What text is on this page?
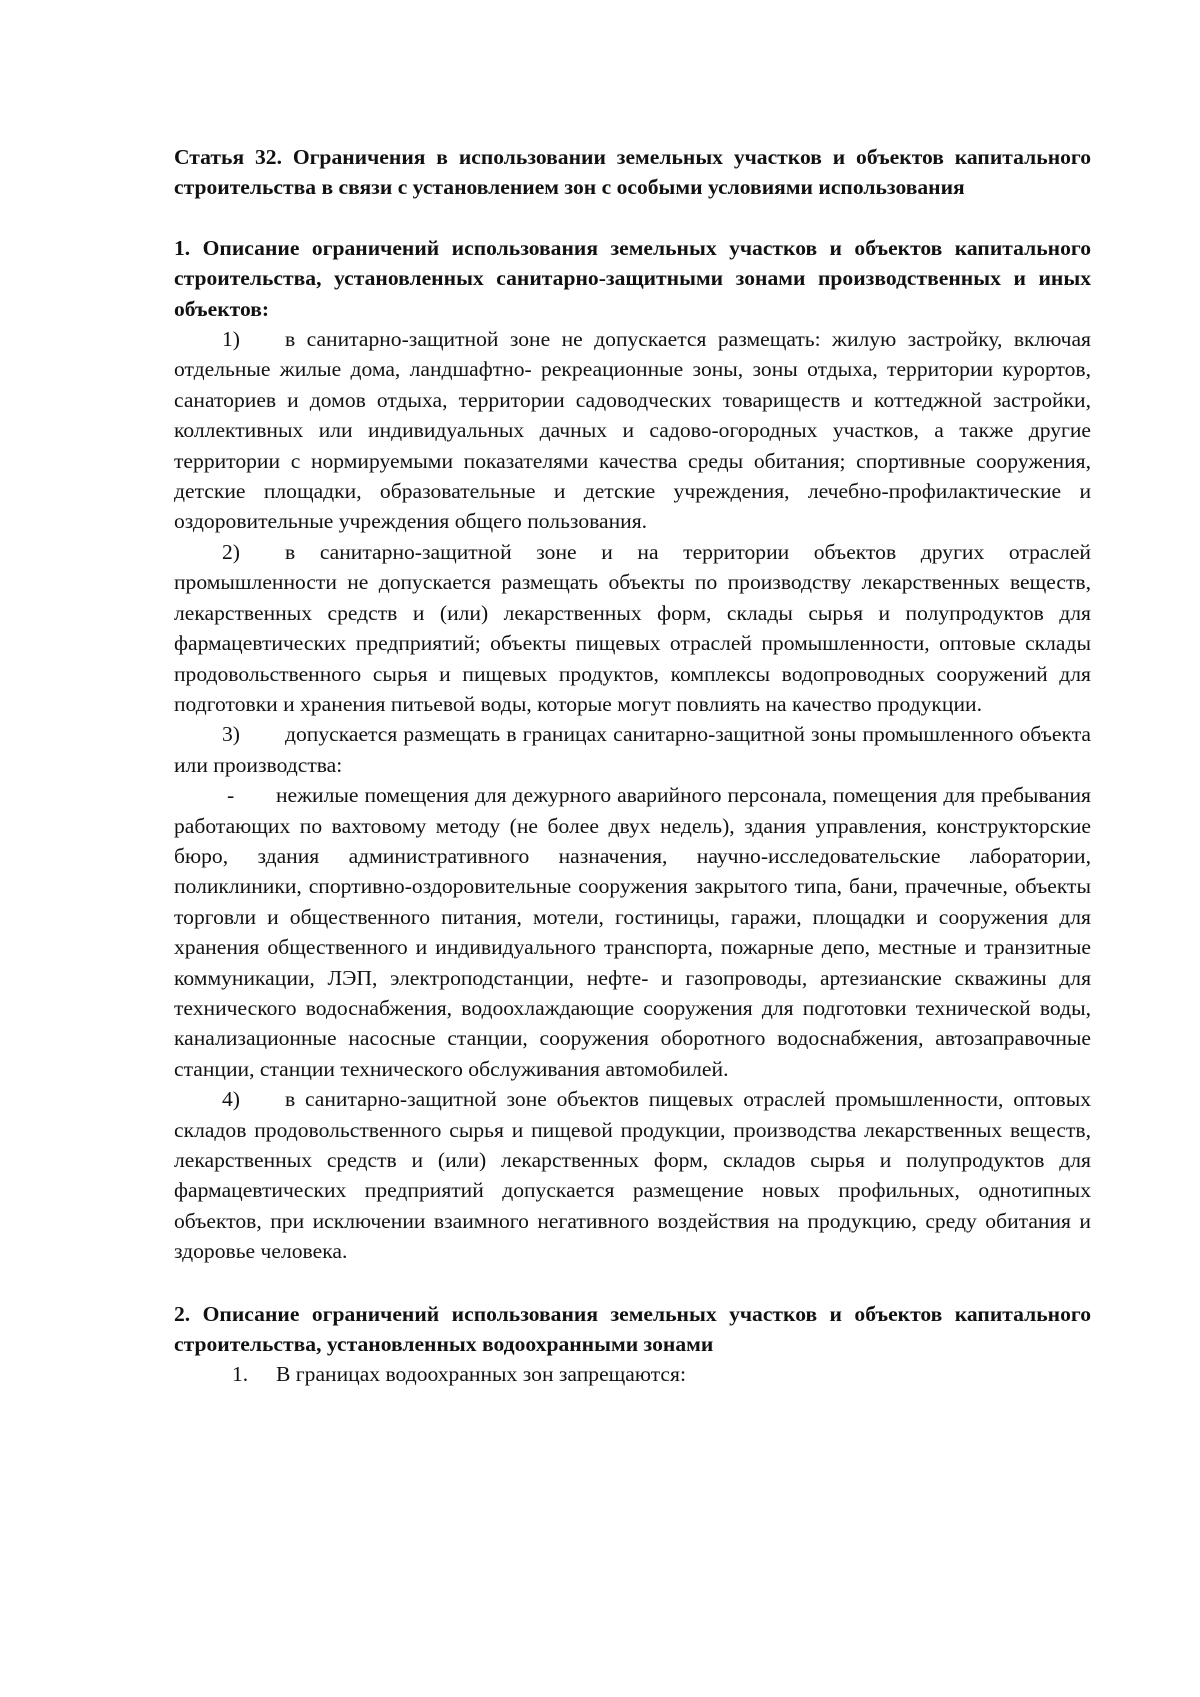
Статья 32. Ограничения в использовании земельных участков и объектов капитального строительства в связи с установлением зон с особыми условиями использования

1. Описание ограничений использования земельных участков и объектов капитального строительства, установленных санитарно-защитными зонами производственных и иных объектов:

1) в санитарно-защитной зоне не допускается размещать: жилую застройку, включая отдельные жилые дома, ландшафтно- рекреационные зоны, зоны отдыха, территории курортов, санаториев и домов отдыха, территории садоводческих товариществ и коттеджной застройки, коллективных или индивидуальных дачных и садово-огородных участков, а также другие территории с нормируемыми показателями качества среды обитания; спортивные сооружения, детские площадки, образовательные и детские учреждения, лечебно-профилактические и оздоровительные учреждения общего пользования.

2) в санитарно-защитной зоне и на территории объектов других отраслей промышленности не допускается размещать объекты по производству лекарственных веществ, лекарственных средств и (или) лекарственных форм, склады сырья и полупродуктов для фармацевтических предприятий; объекты пищевых отраслей промышленности, оптовые склады продовольственного сырья и пищевых продуктов, комплексы водопроводных сооружений для подготовки и хранения питьевой воды, которые могут повлиять на качество продукции.

3) допускается размещать в границах санитарно-защитной зоны промышленного объекта или производства:

- нежилые помещения для дежурного аварийного персонала, помещения для пребывания работающих по вахтовому методу (не более двух недель), здания управления, конструкторские бюро, здания административного назначения, научно-исследовательские лаборатории, поликлиники, спортивно-оздоровительные сооружения закрытого типа, бани, прачечные, объекты торговли и общественного питания, мотели, гостиницы, гаражи, площадки и сооружения для хранения общественного и индивидуального транспорта, пожарные депо, местные и транзитные коммуникации, ЛЭП, электроподстанции, нефте- и газопроводы, артезианские скважины для технического водоснабжения, водоохлаждающие сооружения для подготовки технической воды, канализационные насосные станции, сооружения оборотного водоснабжения, автозаправочные станции, станции технического обслуживания автомобилей.

4) в санитарно-защитной зоне объектов пищевых отраслей промышленности, оптовых складов продовольственного сырья и пищевой продукции, производства лекарственных веществ, лекарственных средств и (или) лекарственных форм, складов сырья и полупродуктов для фармацевтических предприятий допускается размещение новых профильных, однотипных объектов, при исключении взаимного негативного воздействия на продукцию, среду обитания и здоровье человека.

2. Описание ограничений использования земельных участков и объектов капитального строительства, установленных водоохранными зонами

1. В границах водоохранных зон запрещаются:
